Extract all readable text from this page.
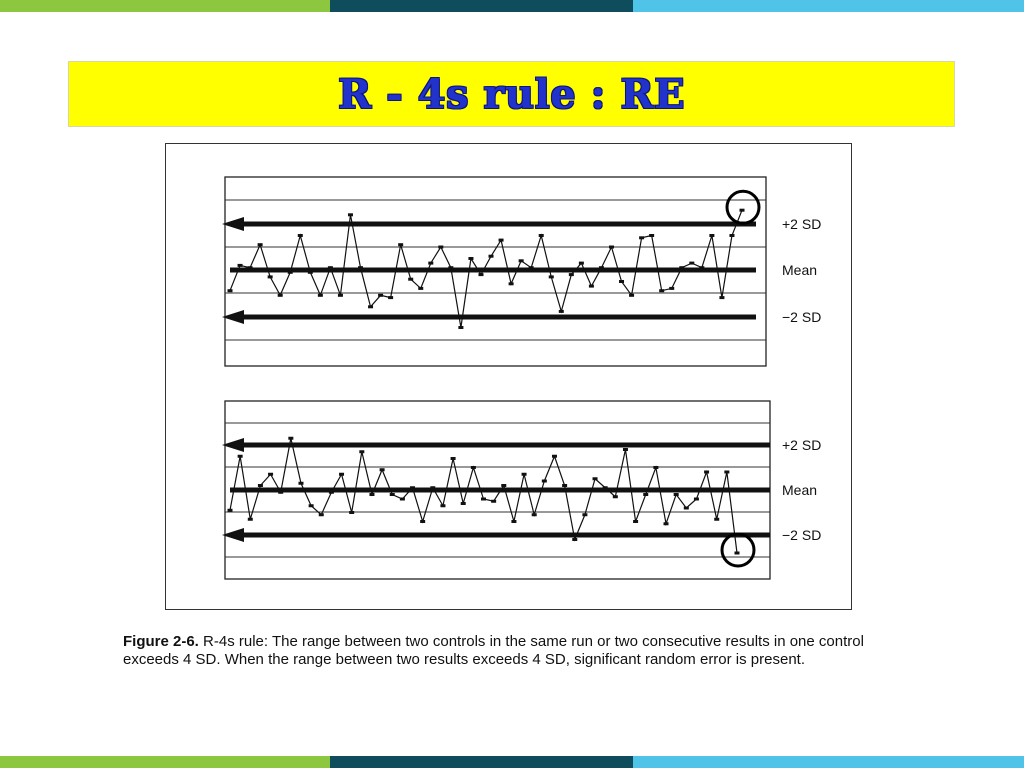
R - 4s rule : RE
+2 SD
Mean
−2 SD
+2 SD
Mean
−2 SD
Figure 2-6. R-4s rule: The range between two controls in the same run or two consecutive results in one control exceeds 4 SD. When the range between two results exceeds 4 SD, significant random error is present.
